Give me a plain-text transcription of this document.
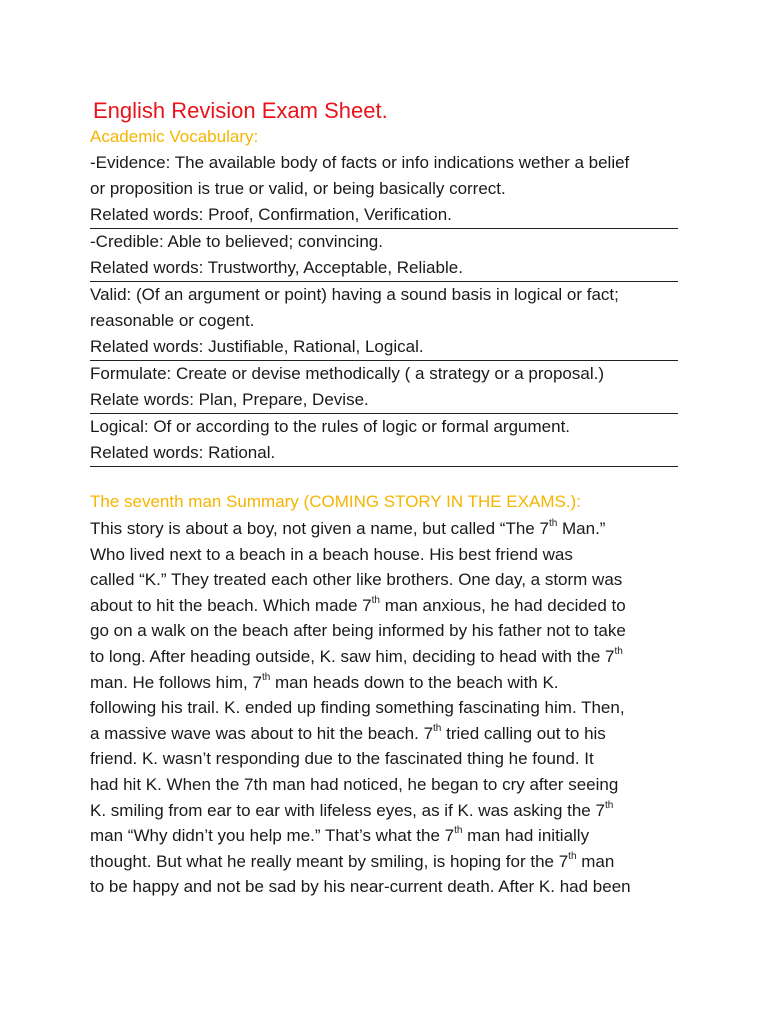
English Revision Exam Sheet.
Academic Vocabulary:
-Evidence: The available body of facts or info indications wether a belief
or proposition is true or valid, or being basically correct.
Related words: Proof, Confirmation, Verification.
-Credible: Able to believed; convincing.
Related words: Trustworthy, Acceptable, Reliable.
Valid: (Of an argument or point) having a sound basis in logical or fact;
reasonable or cogent.
Related words: Justifiable, Rational, Logical.
Formulate: Create or devise methodically ( a strategy or a proposal.)
Relate words: Plan, Prepare, Devise.
Logical: Of or according to the rules of logic or formal argument.
Related words: Rational.
The seventh man Summary (COMING STORY IN THE EXAMS.):
This story is about a boy, not given a name, but called “The 7th Man.”
Who lived next to a beach in a beach house. His best friend was
called “K.” They treated each other like brothers. One day, a storm was
about to hit the beach. Which made 7th man anxious, he had decided to
go on a walk on the beach after being informed by his father not to take
to long. After heading outside, K. saw him, deciding to head with the 7th
man. He follows him, 7th man heads down to the beach with K.
following his trail. K. ended up finding something fascinating him. Then,
a massive wave was about to hit the beach. 7th tried calling out to his
friend. K. wasn’t responding due to the fascinated thing he found. It
had hit K. When the 7th man had noticed, he began to cry after seeing
K. smiling from ear to ear with lifeless eyes, as if K. was asking the 7th
man “Why didn’t you help me.” That’s what the 7th man had initially
thought. But what he really meant by smiling, is hoping for the 7th man
to be happy and not be sad by his near-current death. After K. had been
